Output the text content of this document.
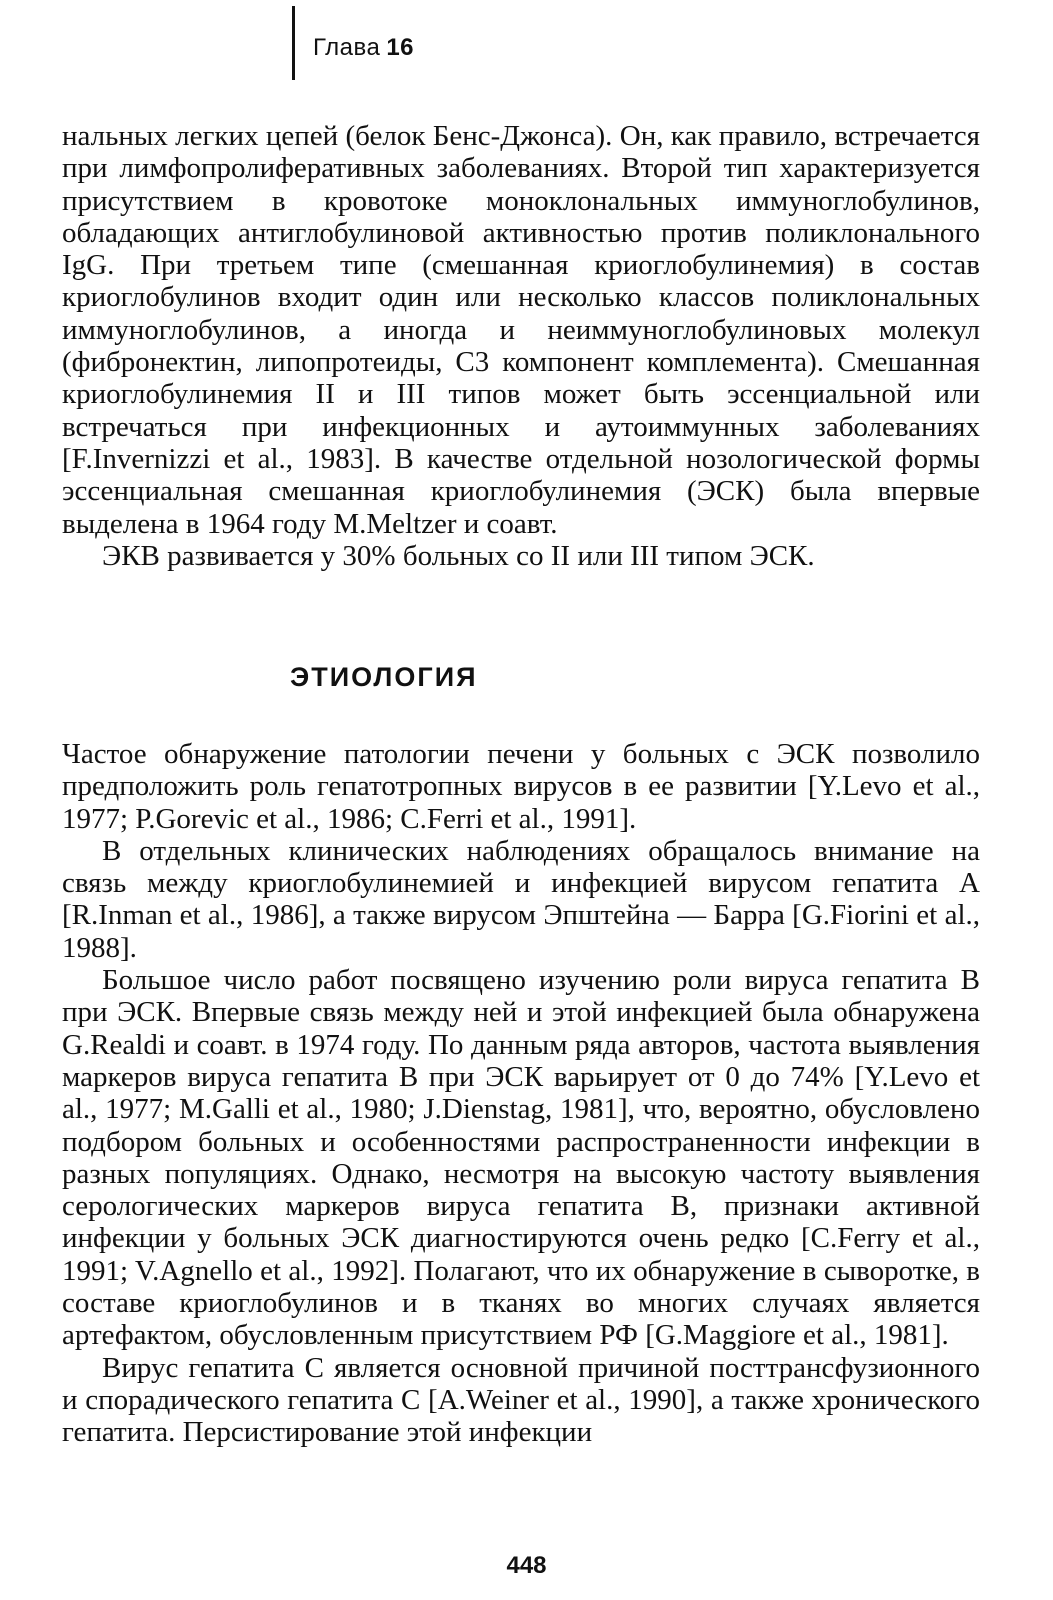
Глава 16

нальных легких цепей (белок Бенс-Джонса). Он, как правило, встречается при лимфопролиферативных заболеваниях. Второй тип характеризуется присутствием в кровотоке моноклональных иммуноглобулинов, обладающих антиглобулиновой активностью против поликлонального IgG. При третьем типе (смешанная криоглобулинемия) в состав криоглобулинов входит один или несколько классов поликлональных иммуноглобулинов, а иногда и неиммуноглобулиновых молекул (фибронектин, липопротеиды, С3 компонент комплемента). Смешанная криоглобулинемия II и III типов может быть эссенциальной или встречаться при инфекционных и аутоиммунных заболеваниях [F.Invernizzi et al., 1983]. В качестве отдельной нозологической формы эссенциальная смешанная криоглобулинемия (ЭСК) была впервые выделена в 1964 году M.Meltzer и соавт.

ЭКВ развивается у 30% больных со II или III типом ЭСК.

ЭТИОЛОГИЯ

Частое обнаружение патологии печени у больных с ЭСК позволило предположить роль гепатотропных вирусов в ее развитии [Y.Levo et al., 1977; P.Gorevic et al., 1986; C.Ferri et al., 1991].

В отдельных клинических наблюдениях обращалось внимание на связь между криоглобулинемией и инфекцией вирусом гепатита А [R.Inman et al., 1986], а также вирусом Эпштейна — Барра [G.Fiorini et al., 1988].

Большое число работ посвящено изучению роли вируса гепатита В при ЭСК. Впервые связь между ней и этой инфекцией была обнаружена G.Realdi и соавт. в 1974 году. По данным ряда авторов, частота выявления маркеров вируса гепатита В при ЭСК варьирует от 0 до 74% [Y.Levo et al., 1977; M.Galli et al., 1980; J.Dienstag, 1981], что, вероятно, обусловлено подбором больных и особенностями распространенности инфекции в разных популяциях. Однако, несмотря на высокую частоту выявления серологических маркеров вируса гепатита В, признаки активной инфекции у больных ЭСК диагностируются очень редко [C.Ferry et al., 1991; V.Agnello et al., 1992]. Полагают, что их обнаружение в сыворотке, в составе криоглобулинов и в тканях во многих случаях является артефактом, обусловленным присутствием РФ [G.Maggiore et al., 1981].

Вирус гепатита С является основной причиной посттрансфузионного и спорадического гепатита С [A.Weiner et al., 1990], а также хронического гепатита. Персистирование этой инфекции

448
